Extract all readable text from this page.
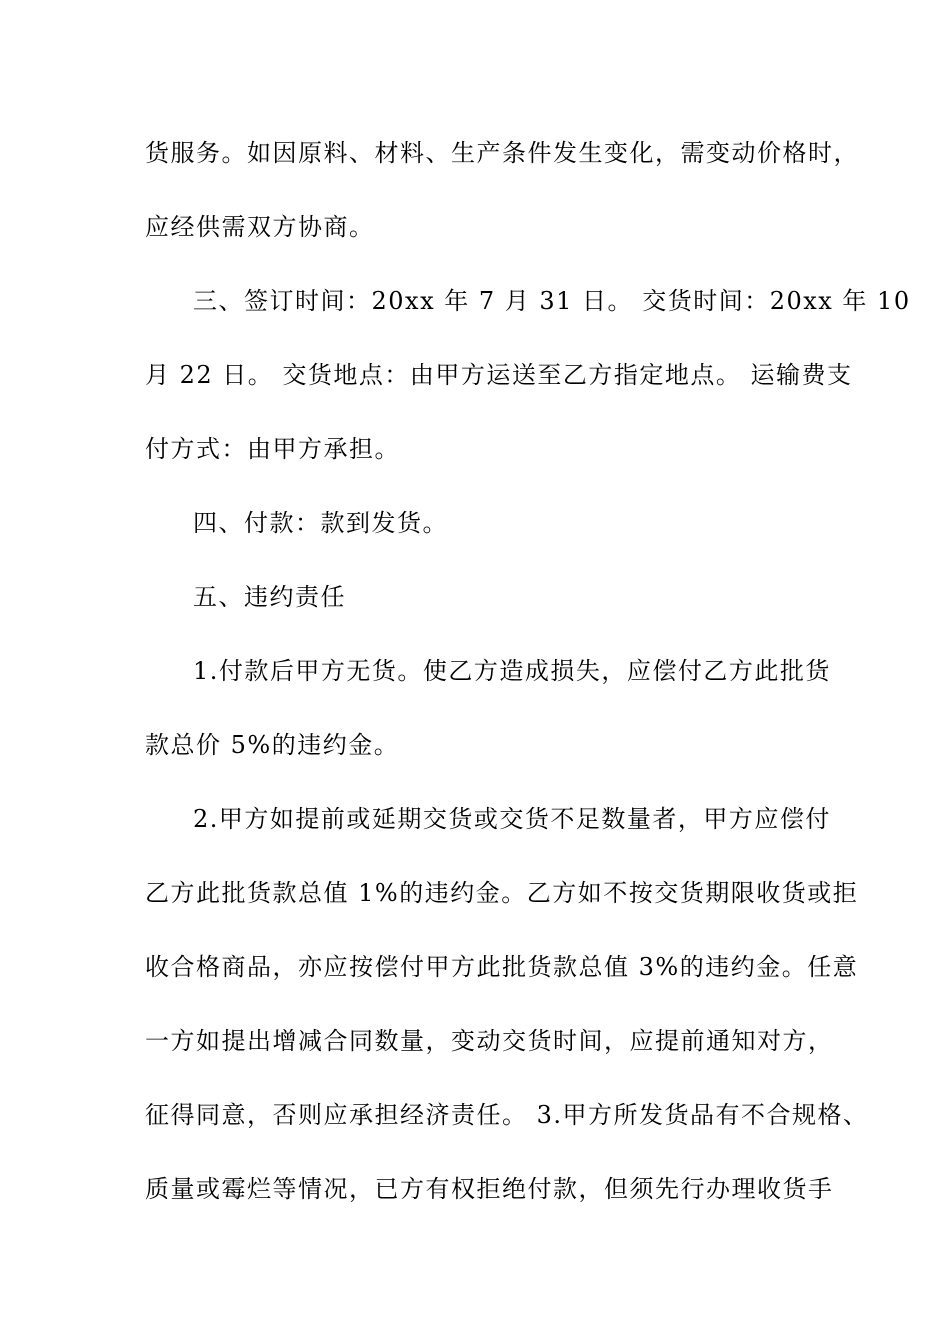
货服务。如因原料、材料、生产条件发生变化，需变动价格时，
应经供需双方协商。
三、签订时间：20xx 年 7 月 31 日。 交货时间：20xx 年 10
月 22 日。 交货地点：由甲方运送至乙方指定地点。 运输费支
付方式：由甲方承担。
四、付款：款到发货。
五、违约责任
1.付款后甲方无货。使乙方造成损失，应偿付乙方此批货
款总价 5%的违约金。
2.甲方如提前或延期交货或交货不足数量者，甲方应偿付
乙方此批货款总值 1%的违约金。乙方如不按交货期限收货或拒
收合格商品，亦应按偿付甲方此批货款总值 3%的违约金。任意
一方如提出增减合同数量，变动交货时间，应提前通知对方，
征得同意，否则应承担经济责任。 3.甲方所发货品有不合规格、
质量或霉烂等情况，已方有权拒绝付款，但须先行办理收货手
